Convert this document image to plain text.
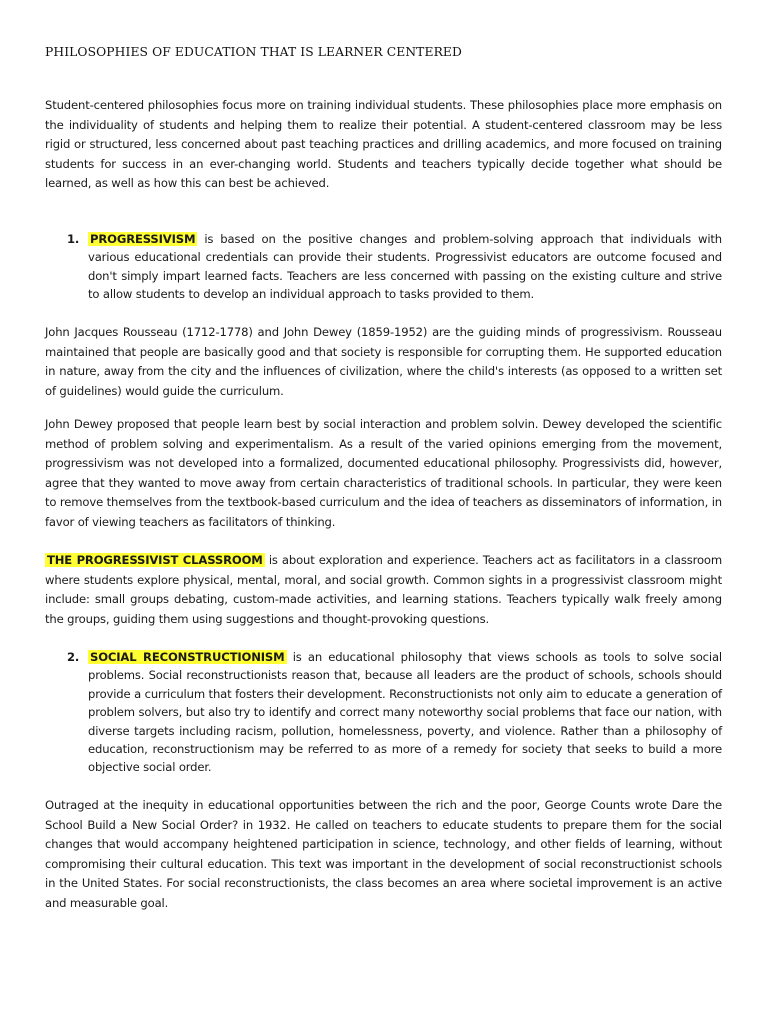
PHILOSOPHIES OF EDUCATION THAT IS LEARNER CENTERED

Student-centered philosophies focus more on training individual students. These philosophies place more emphasis on the individuality of students and helping them to realize their potential. A student-centered classroom may be less rigid or structured, less concerned about past teaching practices and drilling academics, and more focused on training students for success in an ever-changing world. Students and teachers typically decide together what should be learned, as well as how this can best be achieved.

1. PROGRESSIVISM is based on the positive changes and problem-solving approach that individuals with various educational credentials can provide their students. Progressivist educators are outcome focused and don't simply impart learned facts. Teachers are less concerned with passing on the existing culture and strive to allow students to develop an individual approach to tasks provided to them.

John Jacques Rousseau (1712-1778) and John Dewey (1859-1952) are the guiding minds of progressivism. Rousseau maintained that people are basically good and that society is responsible for corrupting them. He supported education in nature, away from the city and the influences of civilization, where the child's interests (as opposed to a written set of guidelines) would guide the curriculum.

John Dewey proposed that people learn best by social interaction and problem solvin. Dewey developed the scientific method of problem solving and experimentalism. As a result of the varied opinions emerging from the movement, progressivism was not developed into a formalized, documented educational philosophy. Progressivists did, however, agree that they wanted to move away from certain characteristics of traditional schools. In particular, they were keen to remove themselves from the textbook-based curriculum and the idea of teachers as disseminators of information, in favor of viewing teachers as facilitators of thinking.

THE PROGRESSIVIST CLASSROOM is about exploration and experience. Teachers act as facilitators in a classroom where students explore physical, mental, moral, and social growth. Common sights in a progressivist classroom might include: small groups debating, custom-made activities, and learning stations. Teachers typically walk freely among the groups, guiding them using suggestions and thought-provoking questions.

2. SOCIAL RECONSTRUCTIONISM is an educational philosophy that views schools as tools to solve social problems. Social reconstructionists reason that, because all leaders are the product of schools, schools should provide a curriculum that fosters their development. Reconstructionists not only aim to educate a generation of problem solvers, but also try to identify and correct many noteworthy social problems that face our nation, with diverse targets including racism, pollution, homelessness, poverty, and violence. Rather than a philosophy of education, reconstructionism may be referred to as more of a remedy for society that seeks to build a more objective social order.

Outraged at the inequity in educational opportunities between the rich and the poor, George Counts wrote Dare the School Build a New Social Order? in 1932. He called on teachers to educate students to prepare them for the social changes that would accompany heightened participation in science, technology, and other fields of learning, without compromising their cultural education. This text was important in the development of social reconstructionist schools in the United States. For social reconstructionists, the class becomes an area where societal improvement is an active and measurable goal.
